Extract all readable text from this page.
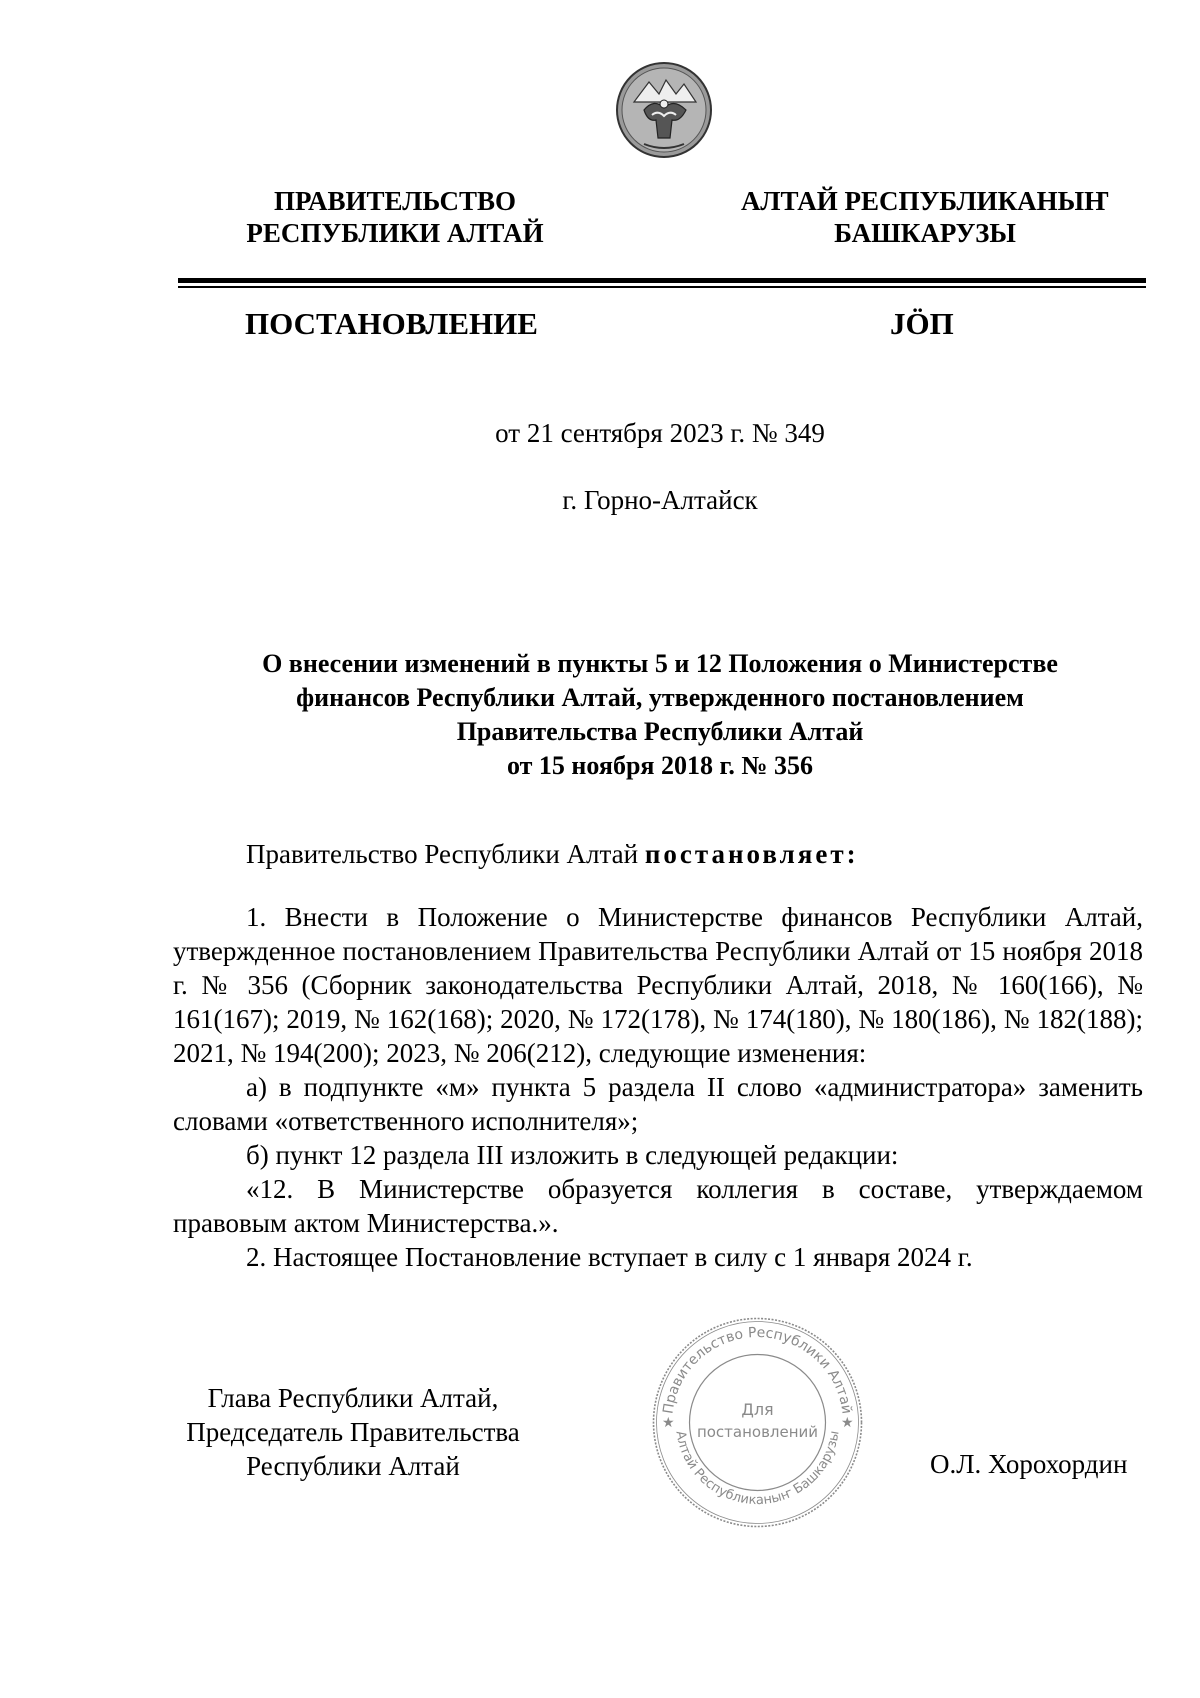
ПРАВИТЕЛЬСТВО
РЕСПУБЛИКИ АЛТАЙ
АЛТАЙ РЕСПУБЛИКАНЫҤ
БАШКАРУЗЫ
ПОСТАНОВЛЕНИЕ	JÖП
от 21 сентября 2023 г. № 349
г. Горно-Алтайск
О внесении изменений в пункты 5 и 12 Положения о Министерстве
финансов Республики Алтай, утвержденного постановлением
Правительства Республики Алтай
от 15 ноября 2018 г. № 356
Правительство Республики Алтай постановляет:

1. Внести в Положение о Министерстве финансов Республики Алтай, утвержденное постановлением Правительства Республики Алтай от 15 ноября 2018 г. № 356 (Сборник законодательства Республики Алтай, 2018, № 160(166), № 161(167); 2019, № 162(168); 2020, № 172(178), № 174(180), № 180(186), № 182(188); 2021, № 194(200); 2023, № 206(212), следующие изменения:

а) в подпункте «м» пункта 5 раздела II слово «администратора» заменить словами «ответственного исполнителя»;

б) пункт 12 раздела III изложить в следующей редакции:

«12. В Министерстве образуется коллегия в составе, утверждаемом правовым актом Министерства.».

2. Настоящее Постановление вступает в силу с 1 января 2024 г.

Глава Республики Алтай,
Председатель Правительства
Республики Алтай
Правительство Республики Алтай
Алтай Республиканыҥ Башкарузы
★	★
Для
постановлений
О.Л. Хорохордин
